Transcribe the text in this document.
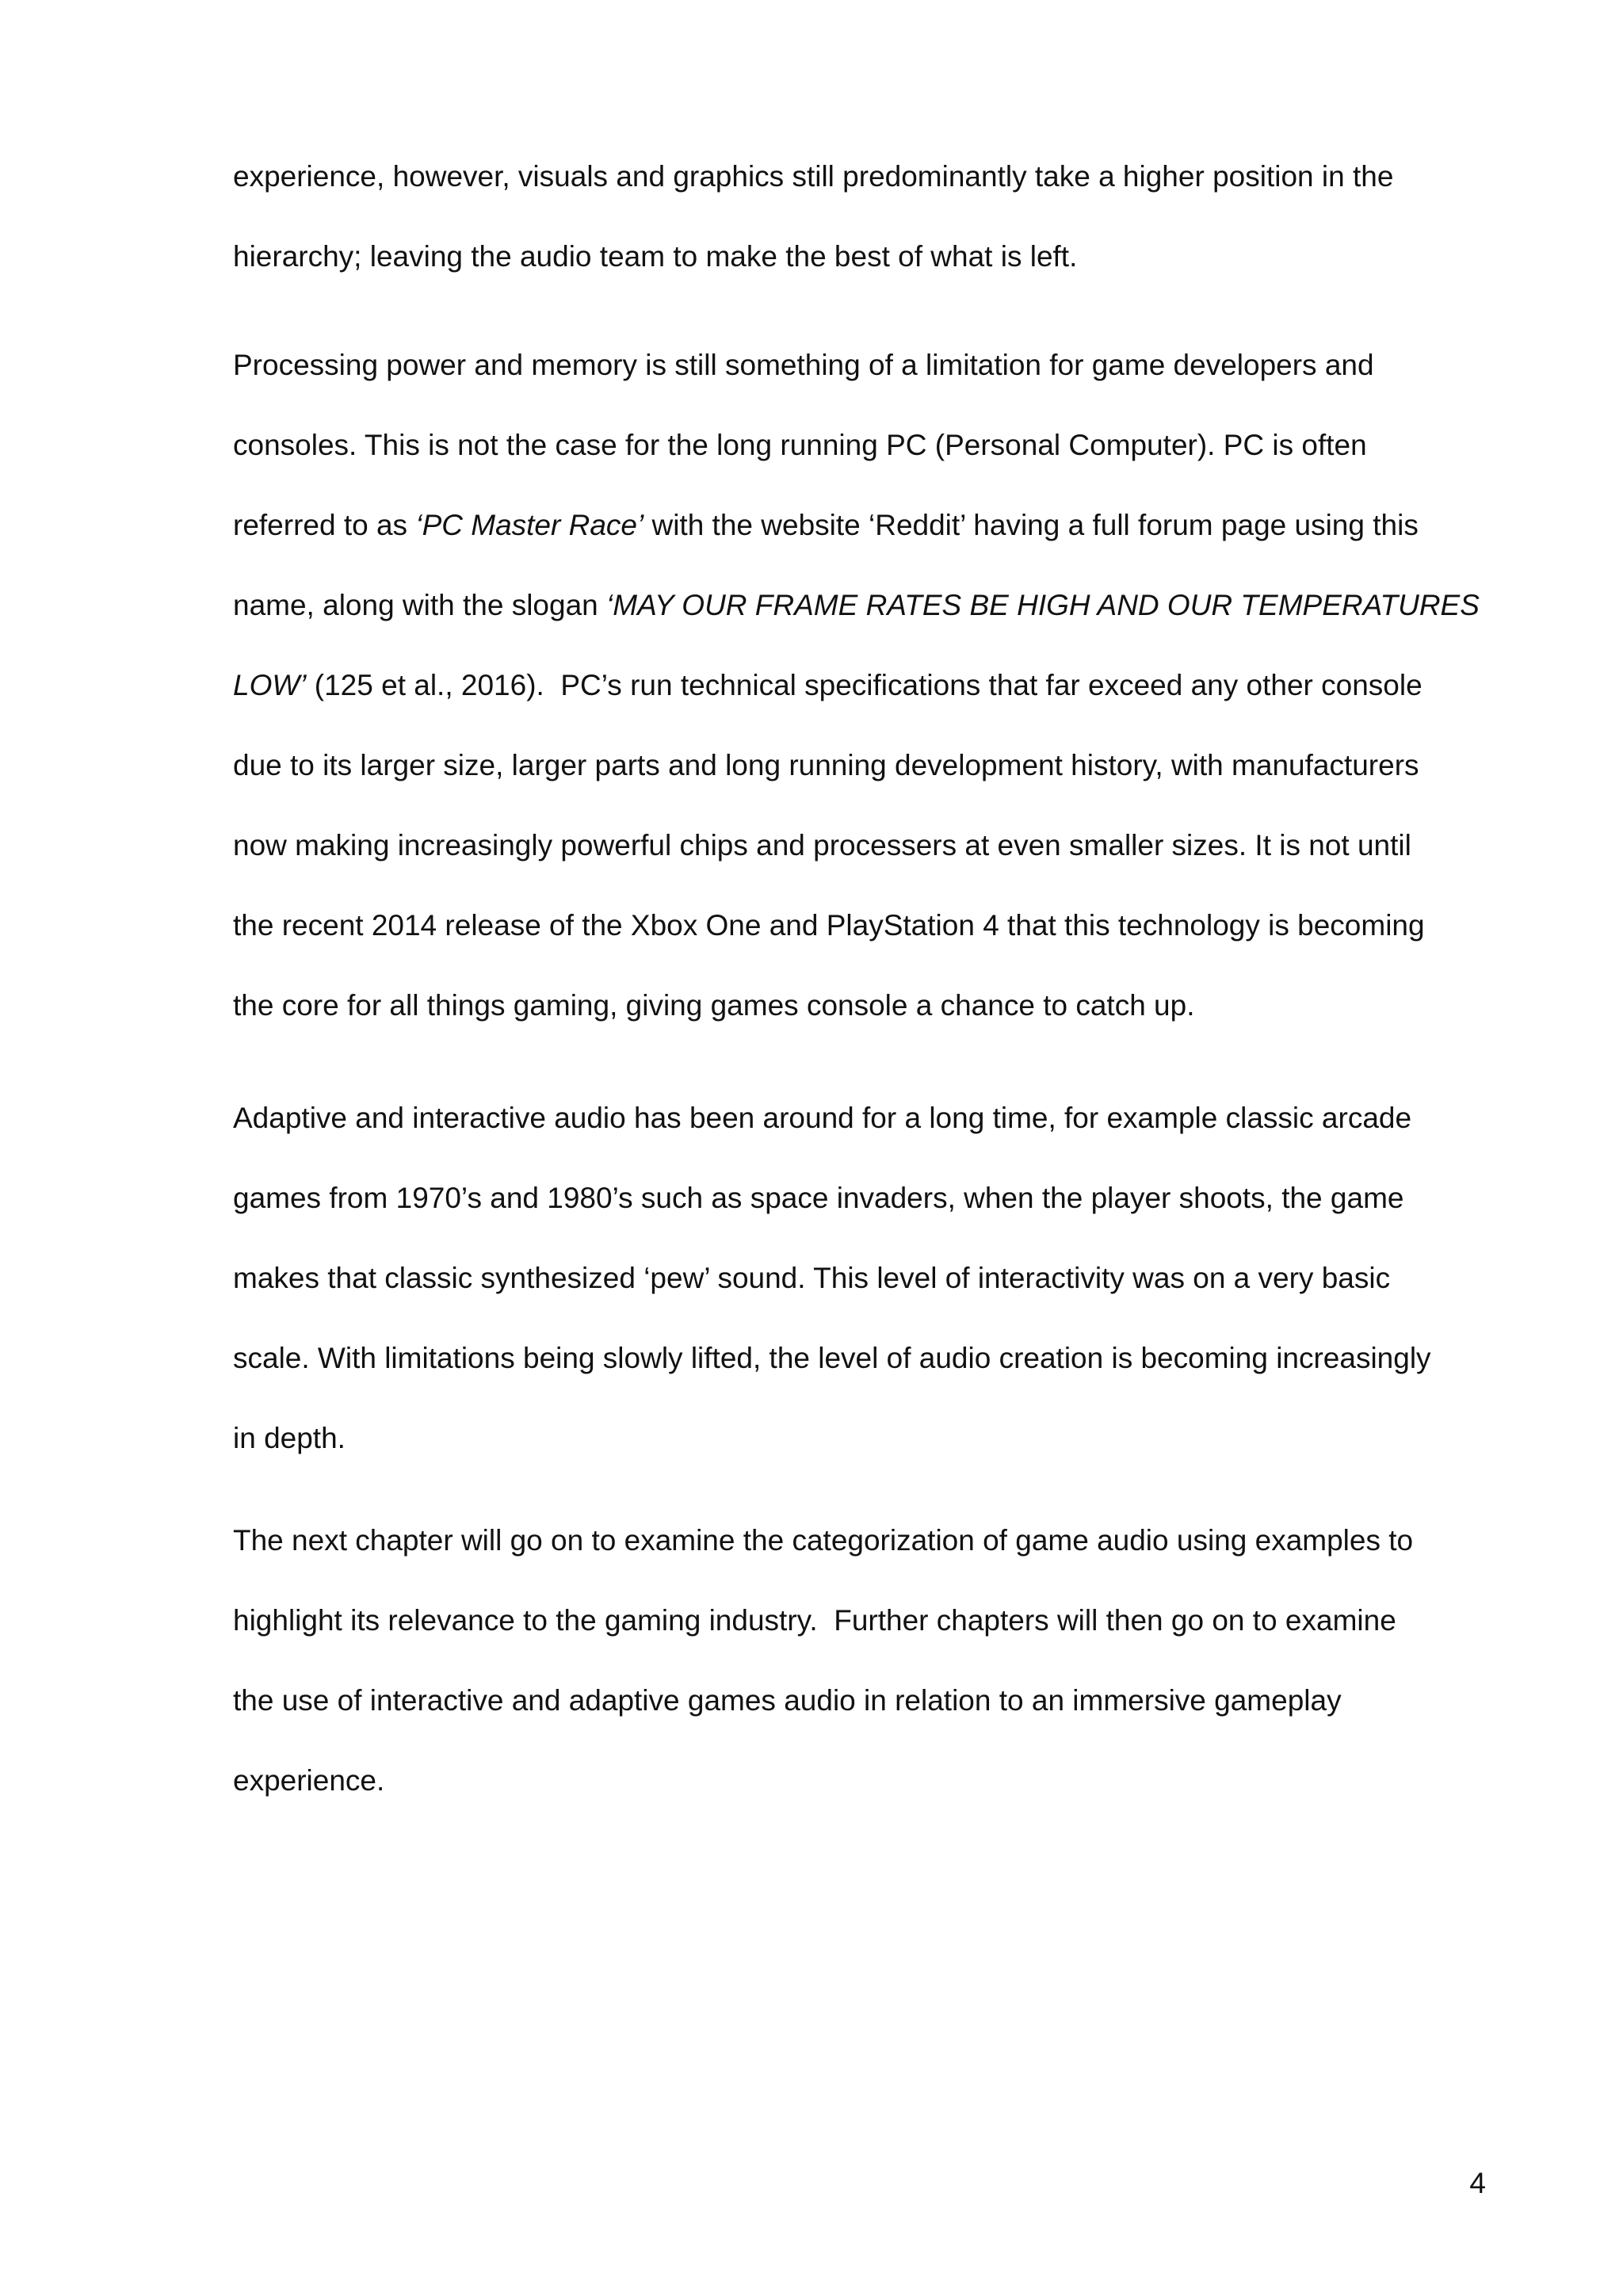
experience, however, visuals and graphics still predominantly take a higher position in the
hierarchy; leaving the audio team to make the best of what is left.
Processing power and memory is still something of a limitation for game developers and
consoles. This is not the case for the long running PC (Personal Computer). PC is often
referred to as ‘PC Master Race’ with the website ‘Reddit’ having a full forum page using this
name, along with the slogan ‘MAY OUR FRAME RATES BE HIGH AND OUR TEMPERATURES
LOW’ (125 et al., 2016).  PC’s run technical specifications that far exceed any other console
due to its larger size, larger parts and long running development history, with manufacturers
now making increasingly powerful chips and processers at even smaller sizes. It is not until
the recent 2014 release of the Xbox One and PlayStation 4 that this technology is becoming
the core for all things gaming, giving games console a chance to catch up.
Adaptive and interactive audio has been around for a long time, for example classic arcade
games from 1970’s and 1980’s such as space invaders, when the player shoots, the game
makes that classic synthesized ‘pew’ sound. This level of interactivity was on a very basic
scale. With limitations being slowly lifted, the level of audio creation is becoming increasingly
in depth.
The next chapter will go on to examine the categorization of game audio using examples to
highlight its relevance to the gaming industry.  Further chapters will then go on to examine
the use of interactive and adaptive games audio in relation to an immersive gameplay
experience.
4
